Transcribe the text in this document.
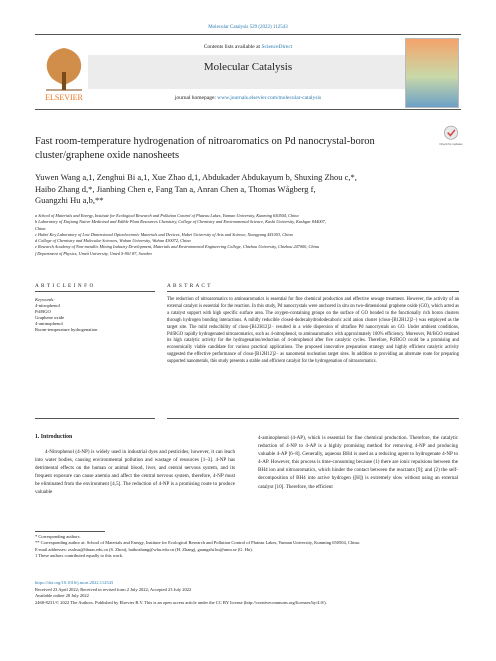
Molecular Catalysis 529 (2022) 112543
ELSEVIER
Contents lists available at ScienceDirect
Molecular Catalysis
journal homepage: www.journals.elsevier.com/molecular-catalysis
Fast room-temperature hydrogenation of nitroaromatics on Pd nanocrystal-boron cluster/graphene oxide nanosheets
Check for updates
Yuwen Wang a,1, Zenghui Bi a,1, Xue Zhao d,1, Abdukader Abdukayum b, Shuxing Zhou c,*,
Haibo Zhang d,*, Jianbing Chen e, Fang Tan a, Anran Chen a, Thomas Wågberg f,
Guangzhi Hu a,b,**
a School of Materials and Energy, Institute for Ecological Research and Pollution Control of Plateau Lakes, Yunnan University, Kunming 650504, China
b Laboratory of Xinjiang Native Medicinal and Edible Plant Resources Chemistry, College of Chemistry and Environmental Science, Kashi University, Kashgar 844007,
China
c Hubei Key Laboratory of Low Dimensional Optoelectronic Materials and Devices, Hubei University of Arts and Science, Xiangyang 441053, China
d College of Chemistry and Molecular Sciences, Wuhan University, Wuhan 430072, China
e Research Academy of Non-metallic Mining Industry Development, Materials and Environmental Engineering College, Chizhou University, Chizhou 247000, China
f Department of Physics, Umeå University, Umeå S-901 87, Sweden
A R T I C L E I N F O	A B S T R A C T
Keywords:
4-nitrophenol
Pd/BGO
Graphene oxide
4-aminophenol
Room-temperature hydrogenation
The reduction of nitroaromatics to aminoaromatics is essential for fine chemical production and effective sewage treatment. However, the activity of an external catalyst is essential for the reaction. In this study, Pd nanocrystals were anchored in situ on two-dimensional graphene oxide (GO), which acted as a catalyst support with high specific surface area. The oxygen-containing groups on the surface of GO bonded to the functionally rich boron clusters through hydrogen bonding interactions. A mildly reducible closed-dodecahydrododecaboric acid anion cluster (closo-[B12H12]2−) was employed as the target site. The mild reducibility of closo-[B12H12]2− resulted in a wide dispersion of ultrafine Pd nanocrystals on GO. Under ambient conditions, Pd/BGO rapidly hydrogenated nitroaromatics, such as 4-nitrophenol, to aminoaromatics with approximately 100% efficiency. Moreover, Pd/BGO retained its high catalytic activity for the hydrogenation/reduction of 4-nitrophenol after five catalytic cycles. Therefore, Pd/BGO could be a promising and economically viable candidate for various practical applications. The proposed innovative preparation strategy and highly efficient catalytic activity suggested the effective performance of closo-[B12H12]2− as nanometal nucleation target sites. In addition to providing an alternate route for preparing supported nanometals, this study presents a stable and efficient catalyst for the hydrogenation of nitroaromatics.
1. Introduction
4-Nitrophenol (4-NP) is widely used in industrial dyes and pesticides; however, it can leach into water bodies, causing environmental pollution and wastage of resources [1–3]. 4-NP has detrimental effects on the human or animal blood, liver, and central nervous system, and its frequent exposure can cause anemia and affect the central nervous system, therefore, 4-NP must be eliminated from the environment [4,5]. The reduction of 4-NP is a promising route to produce valuable
4-aminophenol (4-AP), which is essential for fine chemical production. Therefore, the catalytic reduction of 4-NP to 4-AP is a highly promising method for removing 4-NP and producing valuable 4-AP [6–8]. Generally, aqueous BH4 is used as a reducing agent to hydrogenate 4-NP to 4-AP. However, this process is time-consuming because (1) there are ionic repulsions between the BH4 ion and nitroaromatics, which hinder the contact between the reactants [9]; and (2) the self-decomposition of BH4 into active hydrogen ([H]) is extremely slow without using an external catalyst [10]. Therefore, the efficient
* Corresponding authors.
** Corresponding author at: School of Materials and Energy, Institute for Ecological Research and Pollution Control of Plateau Lakes, Yunnan University, Kunming 650504, China.
E-mail addresses: zsxhsu@hbuas.edu.cn (S. Zhou), haibozhang@whu.edu.cn (H. Zhang), guangzhi.hu@umu.se (G. Hu).
1 These authors contributed equally to this work.
https://doi.org/10.1016/j.mcat.2022.112543
Received 23 April 2022; Received in revised form 2 July 2022; Accepted 23 July 2022
Available online 28 July 2022
2468-8231/© 2022 The Authors. Published by Elsevier B.V. This is an open access article under the CC BY license (http://creativecommons.org/licenses/by/4.0/).
